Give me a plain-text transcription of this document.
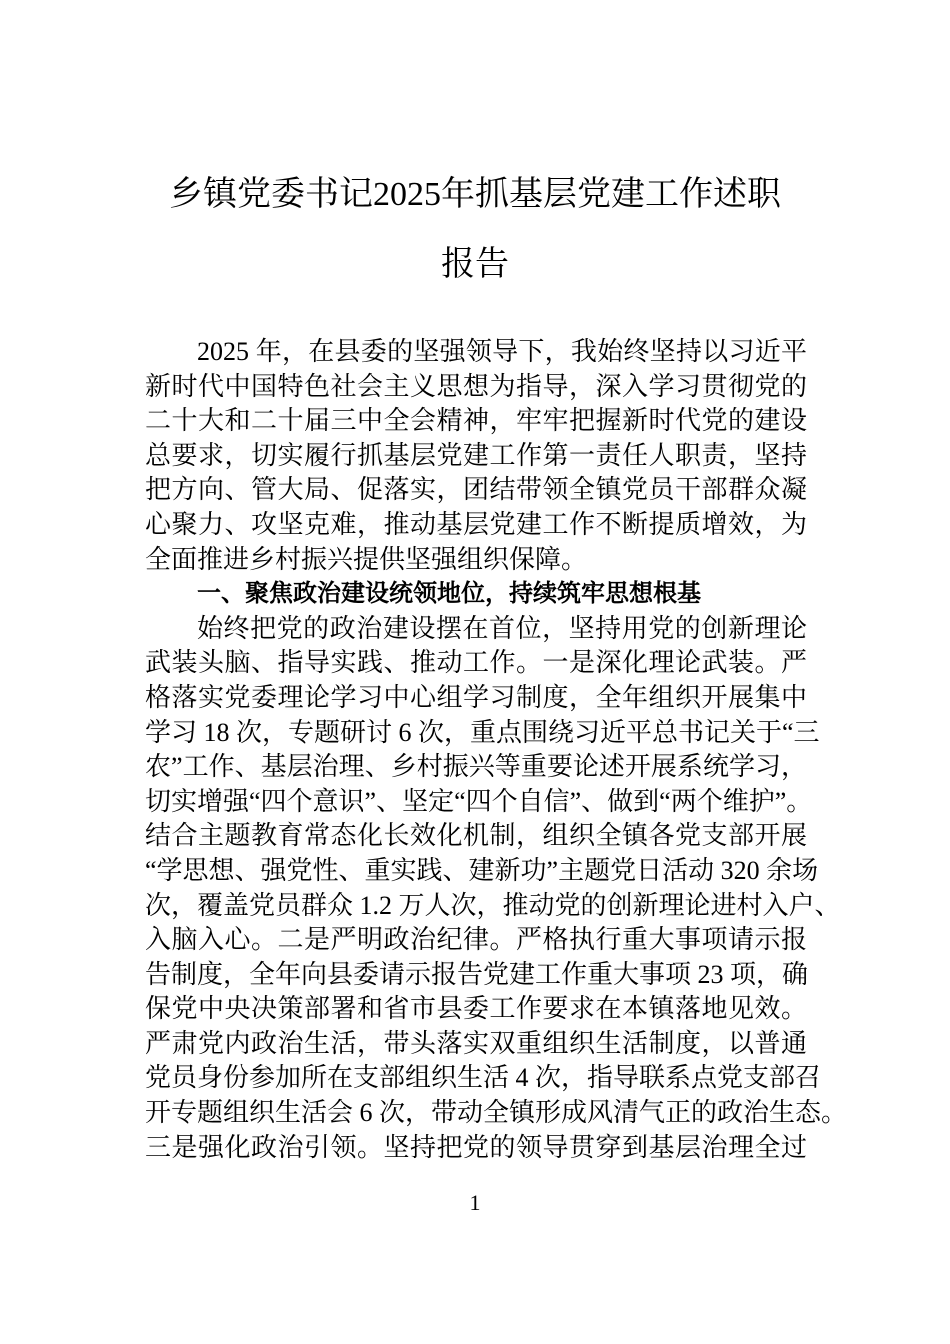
乡镇党委书记2025年抓基层党建工作述职
报告
2025 年，在县委的坚强领导下，我始终坚持以习近平
新时代中国特色社会主义思想为指导，深入学习贯彻党的
二十大和二十届三中全会精神，牢牢把握新时代党的建设
总要求，切实履行抓基层党建工作第一责任人职责，坚持
把方向、管大局、促落实，团结带领全镇党员干部群众凝
心聚力、攻坚克难，推动基层党建工作不断提质增效，为
全面推进乡村振兴提供坚强组织保障。
一、聚焦政治建设统领地位，持续筑牢思想根基
始终把党的政治建设摆在首位，坚持用党的创新理论
武装头脑、指导实践、推动工作。一是深化理论武装。严
格落实党委理论学习中心组学习制度，全年组织开展集中
学习 18 次，专题研讨 6 次，重点围绕习近平总书记关于“三
农”工作、基层治理、乡村振兴等重要论述开展系统学习，
切实增强“四个意识”、坚定“四个自信”、做到“两个维护”。
结合主题教育常态化长效化机制，组织全镇各党支部开展
“学思想、强党性、重实践、建新功”主题党日活动 320 余场
次，覆盖党员群众 1.2 万人次，推动党的创新理论进村入户、
入脑入心。二是严明政治纪律。严格执行重大事项请示报
告制度，全年向县委请示报告党建工作重大事项 23 项，确
保党中央决策部署和省市县委工作要求在本镇落地见效。
严肃党内政治生活，带头落实双重组织生活制度，以普通
党员身份参加所在支部组织生活 4 次，指导联系点党支部召
开专题组织生活会 6 次，带动全镇形成风清气正的政治生态。
三是强化政治引领。坚持把党的领导贯穿到基层治理全过
1
